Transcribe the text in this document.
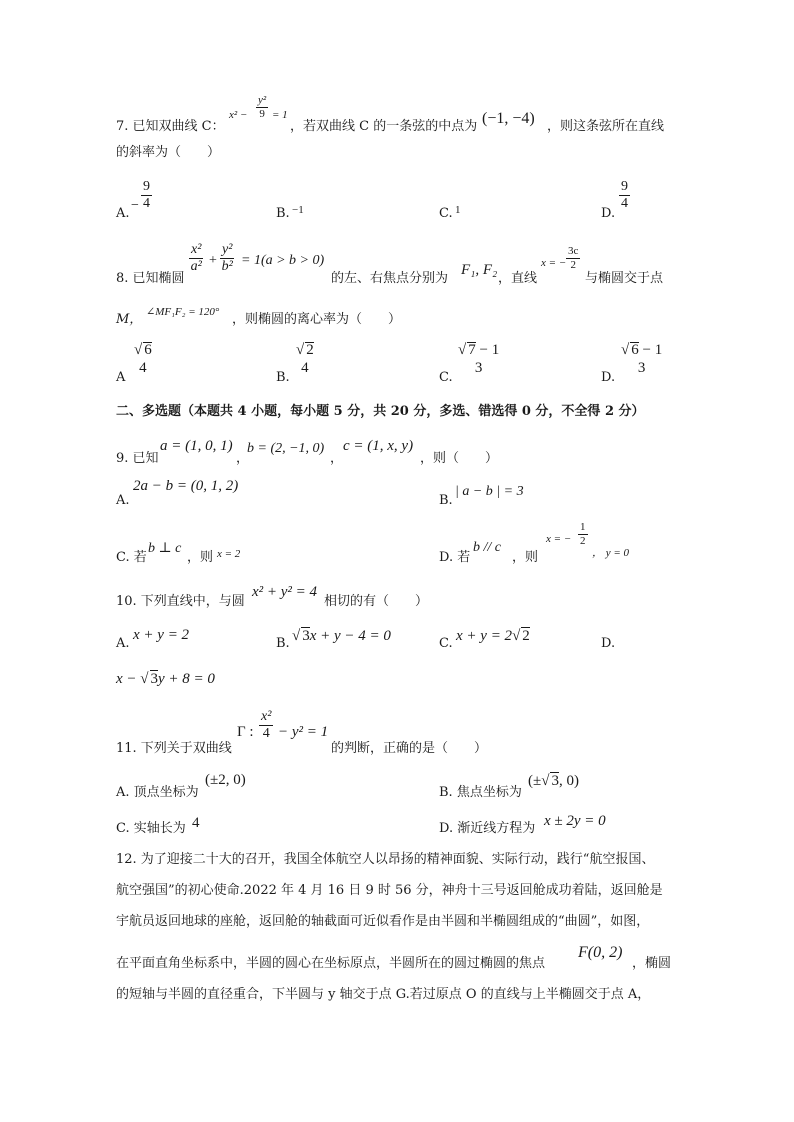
7. 已知双曲线 C：
x² −
y²
9 = 1
，若双曲线 C 的一条弦的中点为 (−1, −4) ，则这条弦所在直线
的斜率为（　　）
A.
−
9
4
B. −1	C. 1	D.
9
4
8. 已知椭圆
x²
a² +
y²
b² = 1(a > b > 0)
的左、右焦点分别为
F₁, F₂
，直线
x = −
3c
2
与椭圆交于点
M， ∠MF₁F₂ = 120° ，则椭圆的离心率为（　　）
A
√ 6
4
B.
√ 2
4
C.
√ 7 − 1
3
D.
√ 6 − 1
3
二、多选题（本题共 4 小题，每小题 5 分，共 20 分，多选、错选得 0 分，不全得 2 分）
9. 已知
a = (1, 0, 1)
，
b = (2, −1, 0)
，
c = (1, x, y)
，则（　　）
A.
2a − b = (0, 1, 2)
B.
| a − b | = 3
C. 若
b ⊥ c
，则 x = 2	D. 若
b // c
，则
x = −
1
2
， y = 0
10. 下列直线中，与圆
x² + y² = 4
相切的有（　　）
A.
x + y = 2
B. √ 3x + y − 4 = 0	C. x + y = 2√ 2	D.
x − √ 3y + 8 = 0
11. 下列关于双曲线
Γ :
x²
4 − y² = 1
的判断，正确的是（　　）
A. 顶点坐标为
(±2, 0)
B. 焦点坐标为
(±√ 3, 0)
C. 实轴长为 4	D. 渐近线方程为 x ± 2y = 0
12. 为了迎接二十大的召开，我国全体航空人以昂扬的精神面貌、实际行动，践行“航空报国、
航空强国”的初心使命.2022 年 4 月 16 日 9 时 56 分，神舟十三号返回舱成功着陆，返回舱是
宇航员返回地球的座舱，返回舱的轴截面可近似看作是由半圆和半椭圆组成的“曲圆”，如图，
在平面直角坐标系中，半圆的圆心在坐标原点，半圆所在的圆过椭圆的焦点
F(0, 2)
，椭圆
的短轴与半圆的直径重合，下半圆与 y 轴交于点 G.若过原点 O 的直线与上半椭圆交于点 A，
